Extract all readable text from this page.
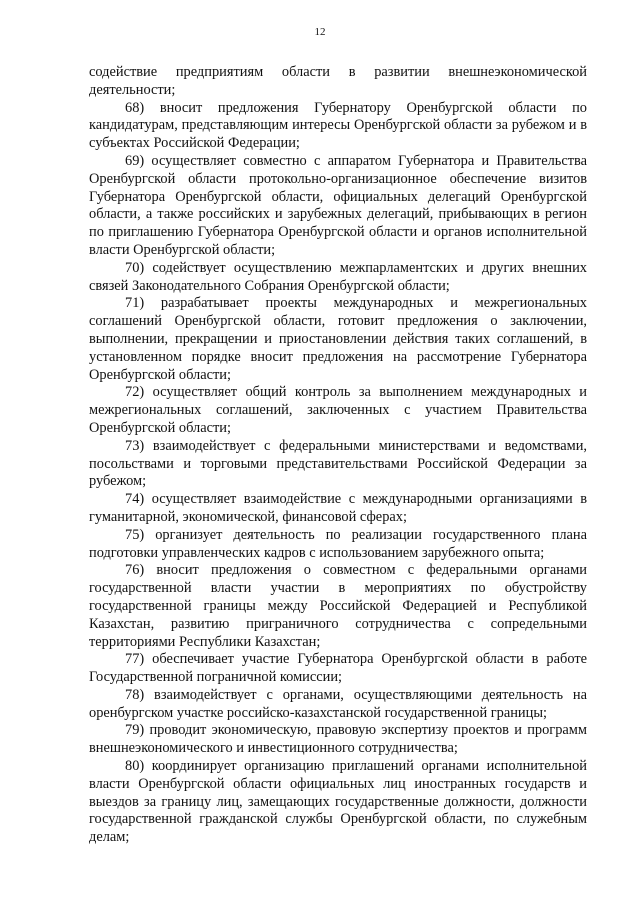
12

содействие предприятиям области в развитии внешнеэкономической деятельности;

68) вносит предложения Губернатору Оренбургской области по кандидатурам, представляющим интересы Оренбургской области за рубежом и в субъектах Российской Федерации;

69) осуществляет совместно с аппаратом Губернатора и Правительства Оренбургской области протокольно-организационное обеспечение визитов Губернатора Оренбургской области, официальных делегаций Оренбургской области, а также российских и зарубежных делегаций, прибывающих в регион по приглашению Губернатора Оренбургской области и органов исполнительной власти Оренбургской области;

70) содействует осуществлению межпарламентских и других внешних связей Законодательного Собрания Оренбургской области;

71) разрабатывает проекты международных и межрегиональных соглашений Оренбургской области, готовит предложения о заключении, выполнении, прекращении и приостановлении действия таких соглашений, в установленном порядке вносит предложения на рассмотрение Губернатора Оренбургской области;

72) осуществляет общий контроль за выполнением международных и межрегиональных соглашений, заключенных с участием Правительства Оренбургской области;

73) взаимодействует с федеральными министерствами и ведомствами, посольствами и торговыми представительствами Российской Федерации за рубежом;

74) осуществляет взаимодействие с международными организациями в гуманитарной, экономической, финансовой сферах;

75) организует деятельность по реализации государственного плана подготовки управленческих кадров с использованием зарубежного опыта;

76) вносит предложения о совместном с федеральными органами государственной власти участии в мероприятиях по обустройству государственной границы между Российской Федерацией и Республикой Казахстан, развитию приграничного сотрудничества с сопредельными территориями Республики Казахстан;

77) обеспечивает участие Губернатора Оренбургской области в работе Государственной пограничной комиссии;

78) взаимодействует с органами, осуществляющими деятельность на оренбургском участке российско-казахстанской государственной границы;

79) проводит экономическую, правовую экспертизу проектов и программ внешнеэкономического и инвестиционного сотрудничества;

80) координирует организацию приглашений органами исполнительной власти Оренбургской области официальных лиц иностранных государств и выездов за границу лиц, замещающих государственные должности, должности государственной гражданской службы Оренбургской области, по служебным делам;
